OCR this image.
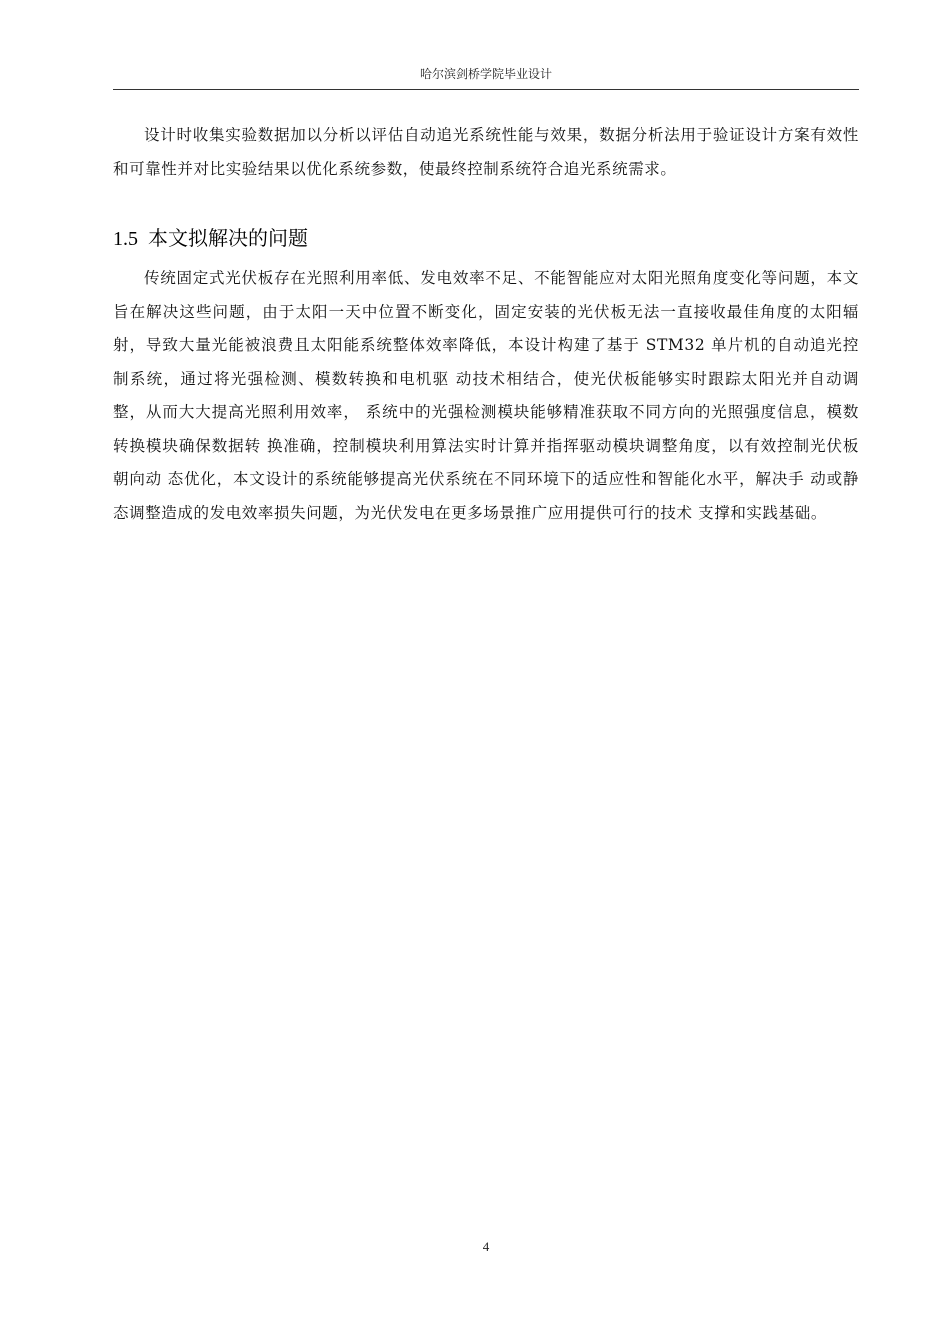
哈尔滨剑桥学院毕业设计

设计时收集实验数据加以分析以评估自动追光系统性能与效果，数据分析法用于验证设计方案有效性和可靠性并对比实验结果以优化系统参数，使最终控制系统符合追光系统需求。

1.5 本文拟解决的问题

传统固定式光伏板存在光照利用率低、发电效率不足、不能智能应对太阳光照角度变化等问题，本文旨在解决这些问题，由于太阳一天中位置不断变化，固定安装的光伏板无法一直接收最佳角度的太阳辐射，导致大量光能被浪费且太阳能系统整体效率降低，本设计构建了基于 STM32 单片机的自动追光控制系统，通过将光强检测、模数转换和电机驱 动技术相结合，使光伏板能够实时跟踪太阳光并自动调整，从而大大提高光照利用效率， 系统中的光强检测模块能够精准获取不同方向的光照强度信息，模数转换模块确保数据转 换准确，控制模块利用算法实时计算并指挥驱动模块调整角度，以有效控制光伏板朝向动 态优化，本文设计的系统能够提高光伏系统在不同环境下的适应性和智能化水平，解决手 动或静态调整造成的发电效率损失问题，为光伏发电在更多场景推广应用提供可行的技术 支撑和实践基础。

4
